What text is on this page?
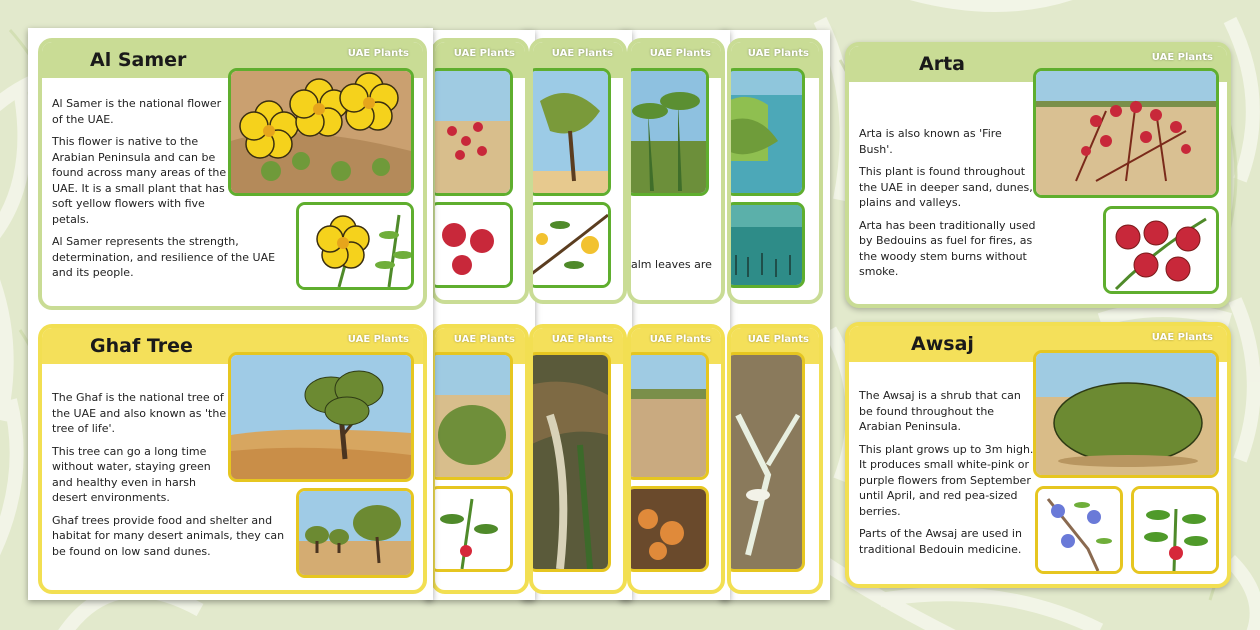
UAE Plants
UAE Plants
UAE Plants
alm leaves are
UAE Plants
UAE Plants
UAE Plants
UAE Plants
UAE Plants
Al Samer	UAE Plants

Al Samer is the national flower of the UAE.

This flower is native to the Arabian Peninsula and can be found across many areas of the UAE. It is a small plant that has soft yellow flowers with five petals.

Al Samer represents the strength, determination, and resilience of the UAE and its people.

Ghaf Tree	UAE Plants

The Ghaf is the national tree of the UAE and also known as 'the tree of life'.

This tree can go a long time without water, staying green and healthy even in harsh desert environments.

Ghaf trees provide food and shelter and habitat for many desert animals, they can be found on low sand dunes.

Arta	UAE Plants

Arta is also known as 'Fire Bush'.

This plant is found throughout the UAE in deeper sand, dunes, plains and valleys.

Arta has been traditionally used by Bedouins as fuel for fires, as the woody stem burns without smoke.

Awsaj	UAE Plants

The Awsaj is a shrub that can be found throughout the Arabian Peninsula.

This plant grows up to 3m high. It produces small white-pink or purple flowers from September until April, and red pea-sized berries.

Parts of the Awsaj are used in traditional Bedouin medicine.
